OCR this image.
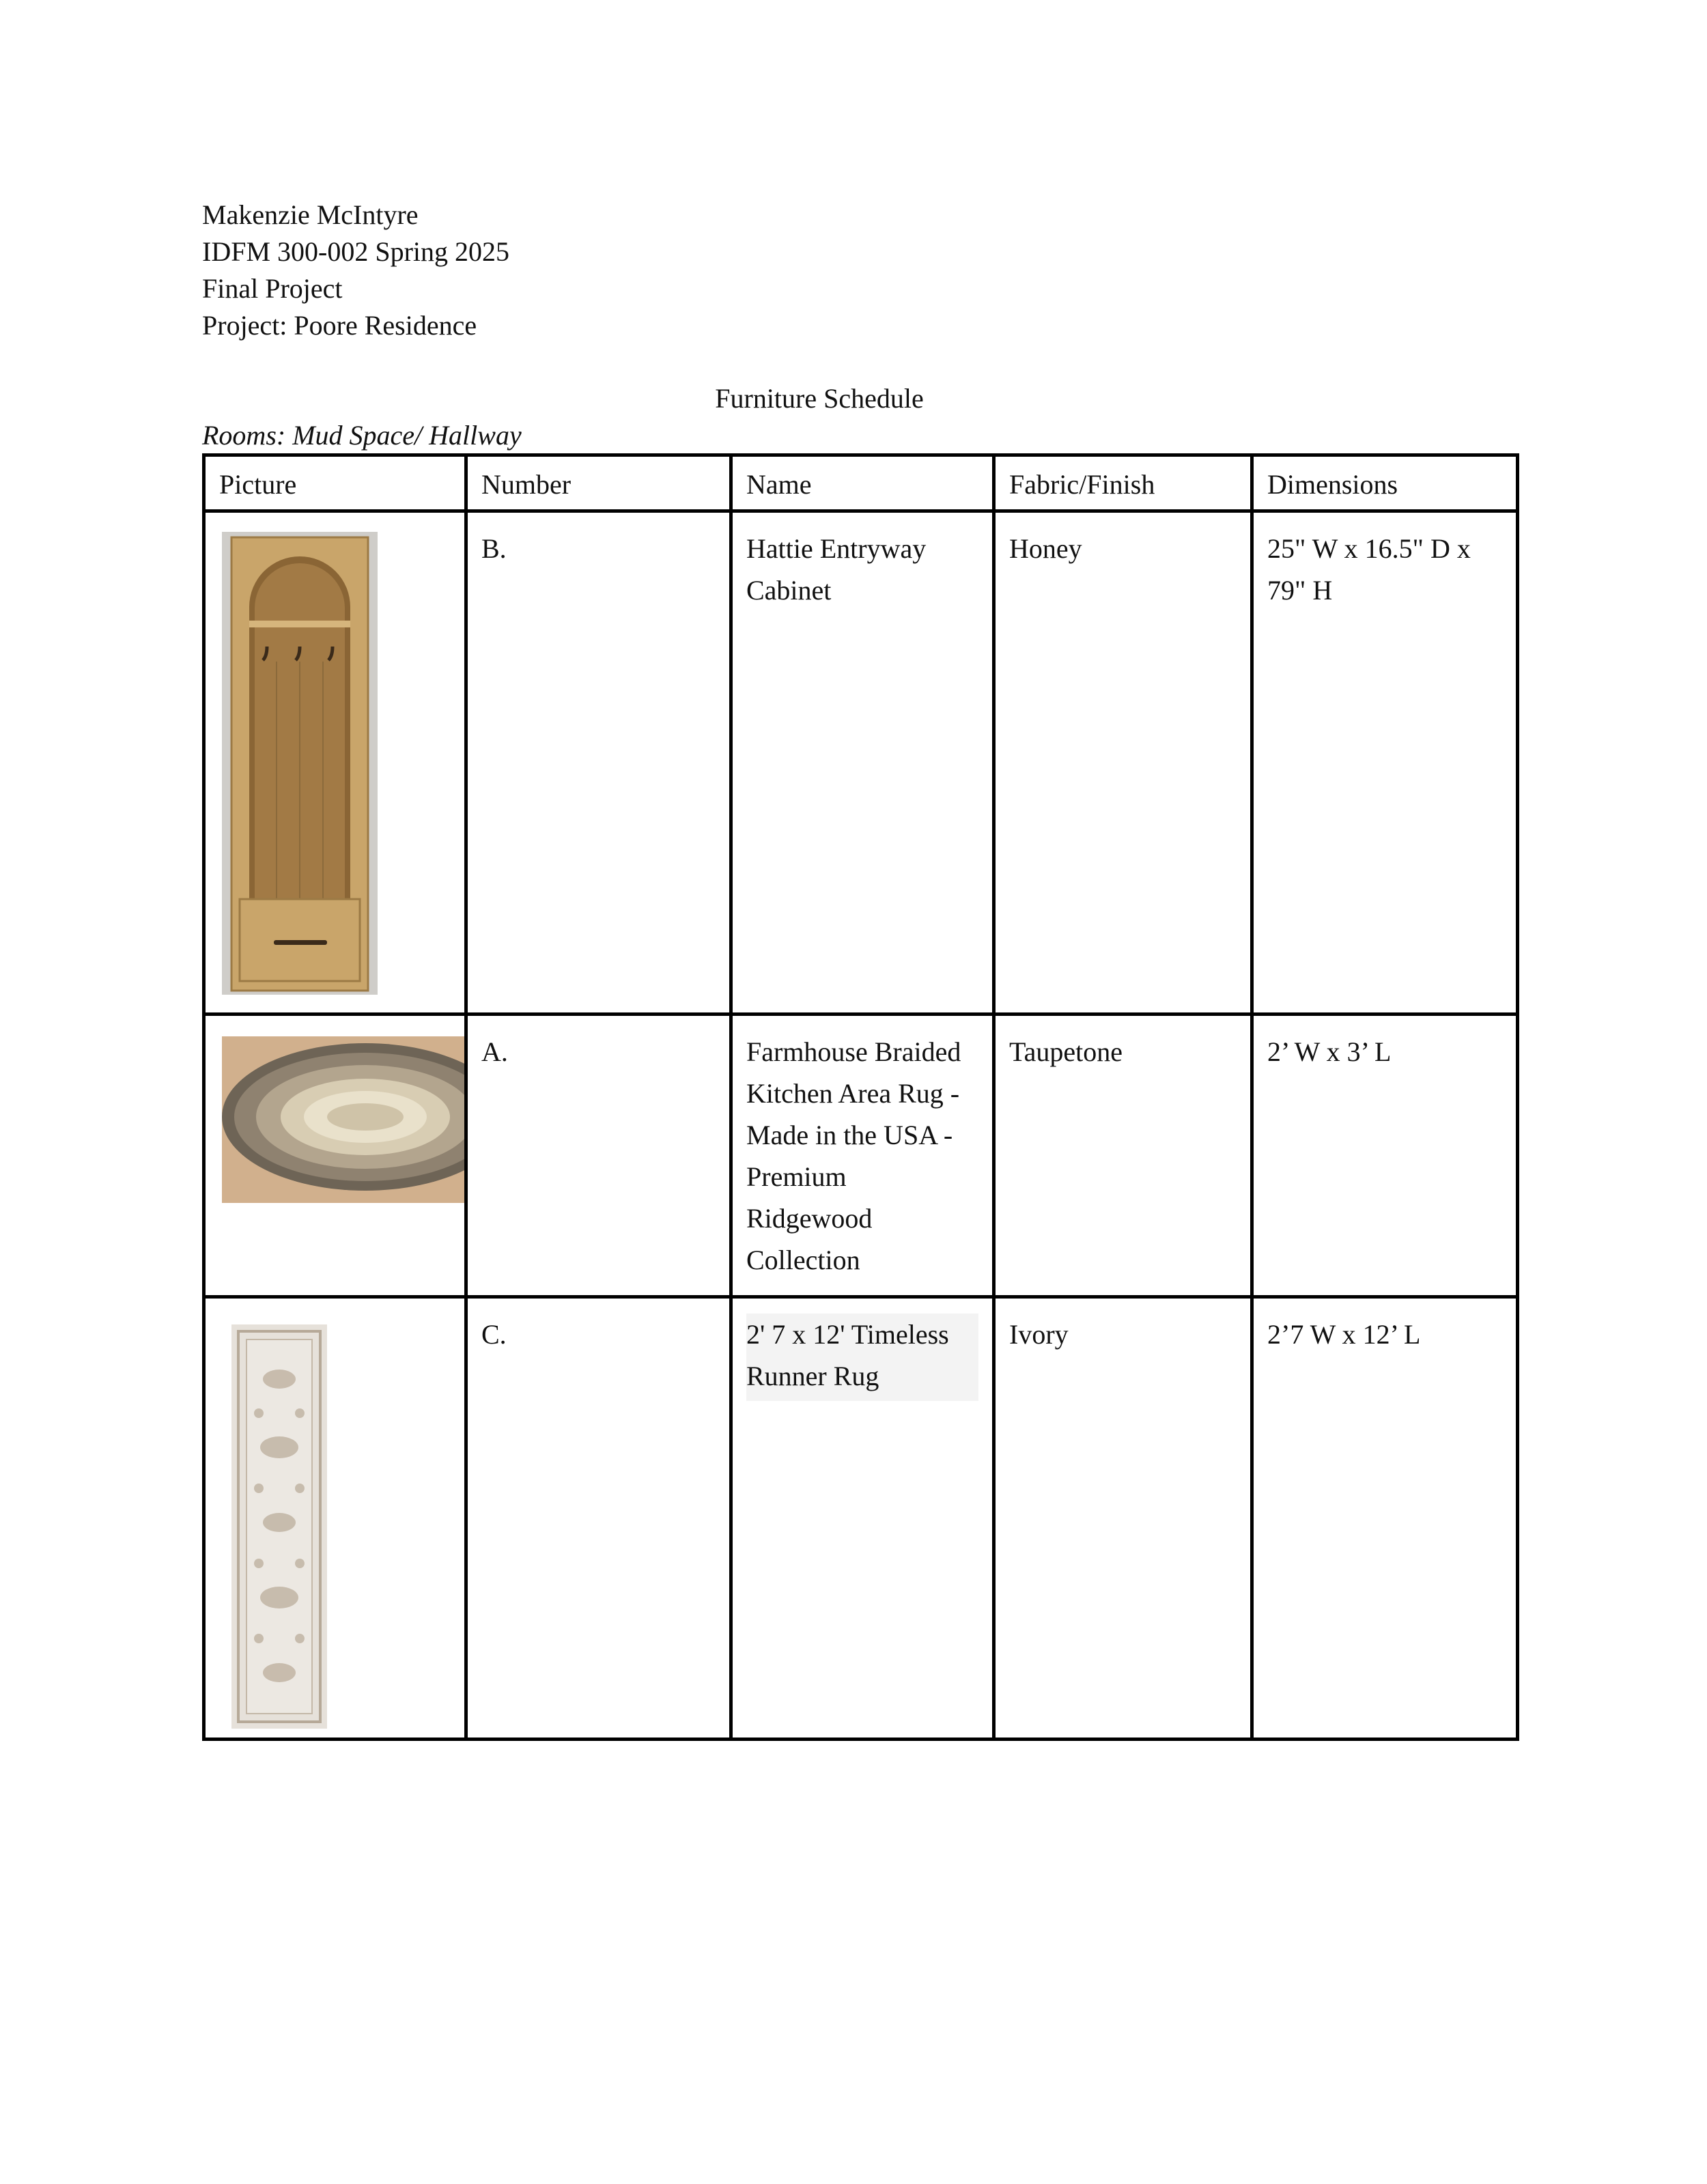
Makenzie McIntyre
IDFM 300-002 Spring 2025
Final Project
Project: Poore Residence
Furniture Schedule
Rooms: Mud Space/ Hallway
Picture	Number	Name	Fabric/Finish	Dimensions

	B.	Hattie Entryway Cabinet	Honey	25" W x 16.5" D x 79" H

	A.	Farmhouse Braided Kitchen Area Rug - Made in the USA - Premium Ridgewood Collection	Taupetone	2’ W x 3’ L

	C.	2' 7 x 12' Timeless Runner Rug	Ivory	2’7 W x 12’ L
